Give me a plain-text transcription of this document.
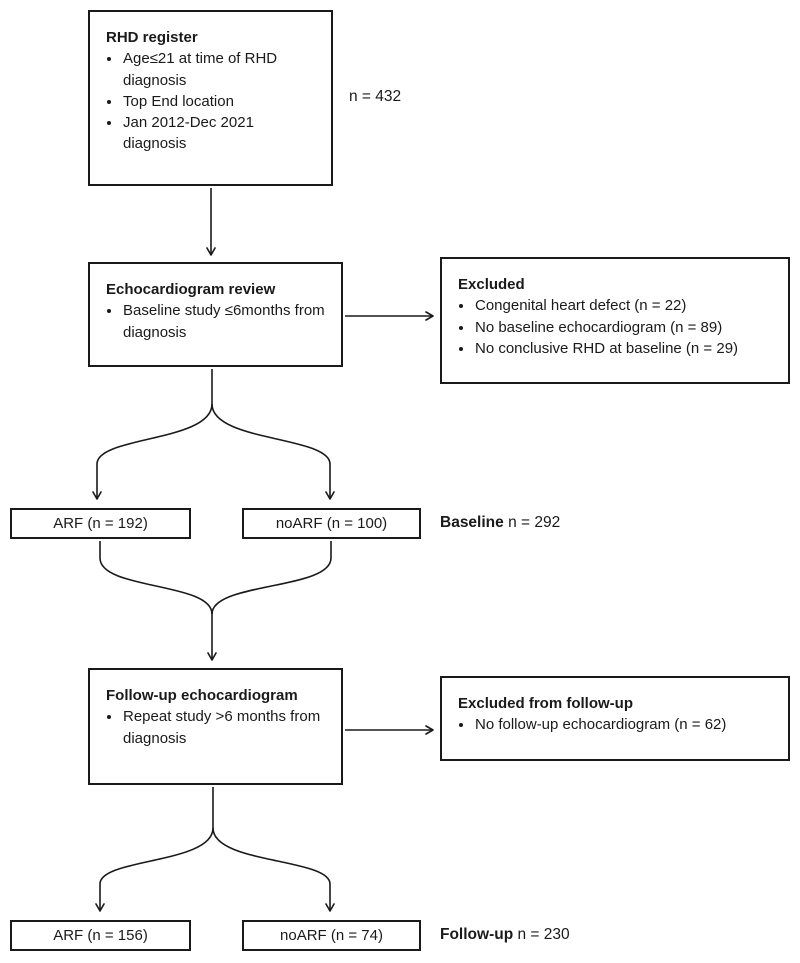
RHD register
• Age≤21 at time of RHD diagnosis
• Top End location
• Jan 2012-Dec 2021 diagnosis
n = 432
Echocardiogram review
• Baseline study ≤6months from diagnosis
Excluded
• Congenital heart defect (n = 22)
• No baseline echocardiogram (n = 89)
• No conclusive RHD at baseline (n = 29)
ARF (n = 192)	noARF (n = 100)	Baseline n = 292
Follow-up echocardiogram
• Repeat study >6 months from diagnosis
Excluded from follow-up
• No follow-up echocardiogram (n = 62)
ARF (n = 156)	noARF (n = 74)	Follow-up n = 230
